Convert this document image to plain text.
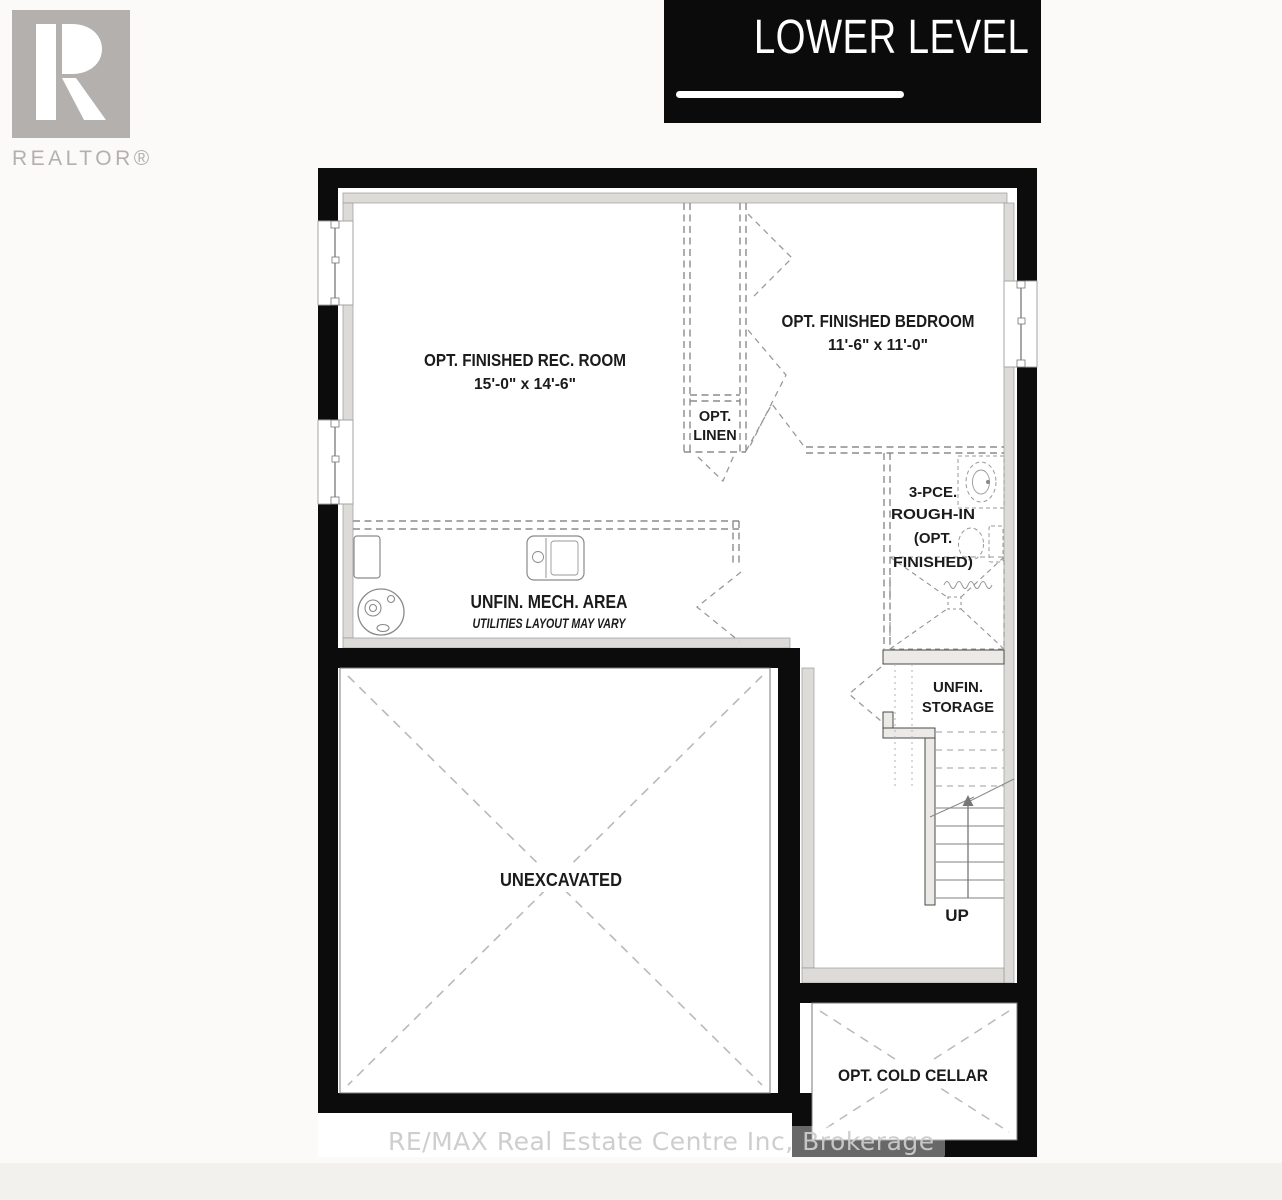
REALTOR®
LOWER LEVEL
OPT. FINISHED REC. ROOM
15'-0" x 14'-6"
OPT. FINISHED BEDROOM
11'-6" x 11'-0"
OPT.
LINEN
3-PCE.
ROUGH-IN
(OPT.
FINISHED)
UNFIN. MECH. AREA
UTILITIES LAYOUT MAY VARY
UNFIN.
STORAGE
UNEXCAVATED
UP
OPT. COLD CELLAR
RE/MAX Real Estate Centre Inc, Brokerage
